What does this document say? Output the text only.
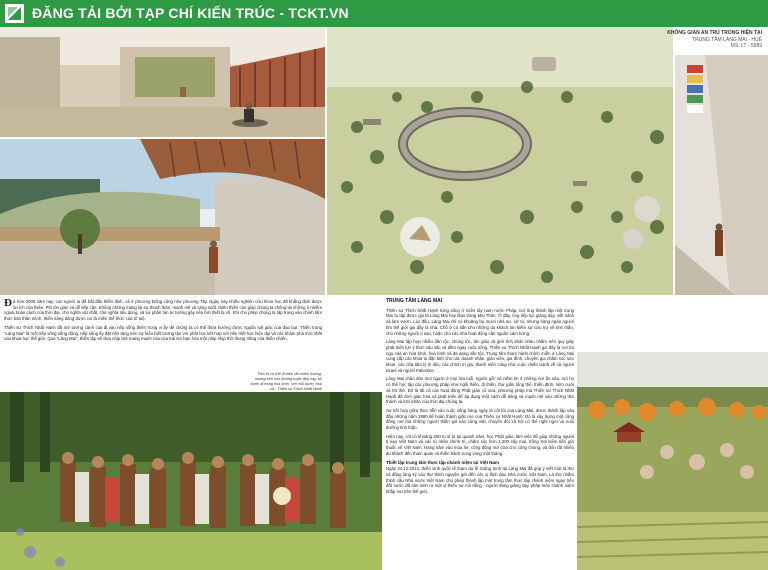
ĐĂNG TẢI BỞI TẠP CHÍ KIẾN TRÚC - TCKT.VN
KHÔNG GIAN AN TRÚ TRONG HIỆN TẠI
TRUNG TÂM LÀNG MAI - HUẾ
MS: LT - 5989

Đã hơn 2000 năm nay, con người ta đã bắt đầu thiền định, cả ở phương Đông cũng như phương Tây. Ngày nay nhiều nghiên cứu khoa học đã khẳng định được lợi ích của thiền. Phi tôn giáo và dễ tiếp cận. Không những mang lại sự thanh thản, mạnh mẽ và sáng suốt, thiền thiền còn giúp chúng ta chống lại những ô nhiễm ngoài hoàn cảnh của thời đại, chủ nghĩa vật chất, chủ nghĩa tiêu dùng, và sự phân tán tư tưởng gây nên bởi thiết bị số. Khi cho phép chúng ta tập trung vào chính tâm thức bản thân mình, thiền sàng đảng được coi là miền thế thức của trí tuệ.

Thiền sư Thích Nhất Hạnh đã mở tương cảnh của đi vào nếp sống thiền trong vị ấy để chúng ta có thể thừa hưởng được nguồn tuệ giác của đạo bụt. Thiền trong "Làng Mai" là một nếp sống sống động, nếp sống ấy đặt nền tảng trên sự hiểu biết tương tận với phật học kết hợp với nền triết học hiện đại và các khám phá mới nhất của khoa học thế giới. Qua "Làng Mai", thiền tập sẽ đưa nhịp thở mang mạnh của của trái tim bạn hòa một nhịp nhịp thở thung trăng của thiền nhiên.

Tâm trí có thể đi theo rất nhiều hướng, nhưng trên con đường tuyệt đẹp này, tôi bước đi trong hòa bình. Với mỗi bước, hoa nở - Thiền sư Thích Nhất Hạnh
TRUNG TÂM LÀNG MAI

Thiền sư Thích Nhất Hạnh từng sống ở miền tây nam nước Pháp, nơi ông thành lập một trung tâm tu tập được gọi là Làng Mai hay Đạo tràng Mai Thôn. Ở đây, ông tiếp tục giảng dạy, viết sách và làm vườn. Lúc đầu, Làng Mai chỉ có khoảng ba mươi nhà sư, nữ tu, nhưng hàng ngàn người tìm thế giới gọi đây là nhà. Chỗ ở có sẵn cho những du khách tìm kiếm sự cứu trợ về tinh thần, cho những người tị nạn, hoặc cho các nhà hoạt động cần nguồn cảm hứng.

Làng Mai tập hợp nhiều dân tộc, chủng tộc, tôn giáo và giới tính khác nhau nhằm trên quy giáy phát triển lực ý thức sâu sắc và tiềm ngay cuộc sống. Thiền sư Thích Nhất Hạnh gọi đây là nơi trú ngụ của an hòa bình, hoà bình và đa dạng sắc tộc. Trung tâm tham hành chính miền ở Làng Mai cung cấp các khóa tu đặc biệt cho các doanh nhân, giáo viên, gia đình, chuyên gia chăm sóc sức khoẻ, các nhà tâm lý trị liệu, các chính trị gia, thanh niên cũng như cuộc chiến tranh về cả người Israel và người Palestine.

Làng Mai chào đón mọi người ở mọi lứa tuổi, người gốc và niềm tin ở những nơi ẩn náu, nơi họ có thể học tập các phương pháp như ngồi thiền, đi thiền, thư giãn tổng thể, thiền định, mỉm cười và hít thở. Đó là tất cả các hoạt động Phật giáo cổ xưa, phương pháp mà Thiền sư Thích Nhất Hạnh đã đơn giản hóa và phát triển để áp dụng một cách dễ dàng và mạnh mẽ vào những thử thách và khó khăn của thời đại chúng ta.

Sự kết hợp giữa thực tiễn vào cuộc sống hàng ngày là cốt lõi của Làng Mai, được thành lập vào đầu những năm 1980 để hoàn thành giấc mơ của Thiền sư Nhất Hạnh: Đó là xây dựng một cộng đồng nơi mà những người thiền giả vào cùng việc chuyển đổi xã hội có thể nghỉ ngơi và nuôi dưỡng tinh thần.

Hiện nay, chỉ có khoảng 200 tu sĩ tu tại quanh năm, học Phật giáo, làm việc để giúp những người tị nạn Việt Nam và các tù nhân chính trị, chăm sóc hơn 1.200 cây mai, trồng trọt kiểm tiền gửi thuốc về Việt Nam. Hàng năm vào mùa hè, cộng đồng mở cửa cho công chúng, và đón rất nhiều du khách đến tham quan và thiền hành trong vòng một tháng.

Thiết lập trung tâm thực tập chánh niệm tại Việt Nam

Ngày 24.12.2013, thiền sinh quốc tế tham dự lễ Giáng Sinh tại Làng Mai đã góp ý viết một lá thư và đồng lòng ký vào thư thỉnh nguyện gửi đến các vị lãnh đạo Nhà nước Việt Nam. Lá thư nhằm thỉnh cầu Nhà nước Việt Nam cho phép thành lập một trung tâm thực tập chánh niệm ngay trên đất nước đã sản sinh ra một vị thiền sư nổi tiếng - người đang giảng dạy pháp môn chánh niệm khắp nơi trên thế giới.
